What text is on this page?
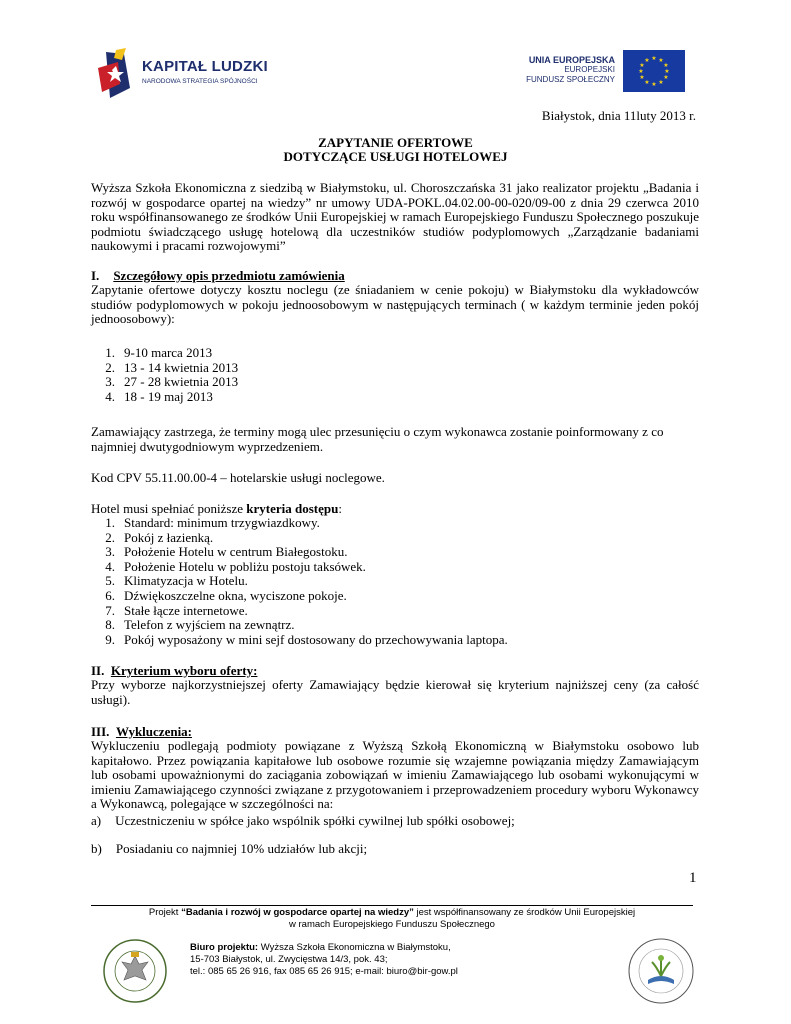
KAPITAŁ LUDZKI
NARODOWA STRATEGIA SPÓJNOŚCI
UNIA EUROPEJSKA
EUROPEJSKI
FUNDUSZ SPOŁECZNY
★ ★
★
★
★
★
★
★
★
★
★
★
Białystok, dnia 11luty 2013 r.
ZAPYTANIE OFERTOWE
DOTYCZĄCE USŁUGI HOTELOWEJ
Wyższa Szkoła Ekonomiczna z siedzibą w Białymstoku, ul. Choroszczańska 31 jako realizator projektu „Badania i rozwój w gospodarce opartej na wiedzy” nr umowy UDA-POKL.04.02.00-00-020/09-00 z dnia 29 czerwca 2010 roku współfinansowanego ze środków Unii Europejskiej w ramach Europejskiego Funduszu Społecznego poszukuje podmiotu świadczącego usługę hotelową dla uczestników studiów podyplomowych „Zarządzanie badaniami naukowymi i pracami rozwojowymi”
I. Szczegółowy opis przedmiotu zamówienia
Zapytanie ofertowe dotyczy kosztu noclegu (ze śniadaniem w cenie pokoju) w Białymstoku dla wykładowców studiów podyplomowych w pokoju jednoosobowym w następujących terminach ( w każdym terminie jeden pokój jednoosobowy):
1. 9-10 marca 2013
2. 13 - 14 kwietnia 2013
3. 27 - 28 kwietnia 2013
4. 18 - 19 maj 2013
Zamawiający zastrzega, że terminy mogą ulec przesunięciu o czym wykonawca zostanie poinformowany z co najmniej dwutygodniowym wyprzedzeniem.
Kod CPV 55.11.00.00-4 – hotelarskie usługi noclegowe.
Hotel musi spełniać poniższe kryteria dostępu:
1. Standard: minimum trzygwiazdkowy.
2. Pokój z łazienką.
3. Położenie Hotelu w centrum Białegostoku.
4. Położenie Hotelu w pobliżu postoju taksówek.
5. Klimatyzacja w Hotelu.
6. Dźwiękoszczelne okna, wyciszone pokoje.
7. Stałe łącze internetowe.
8. Telefon z wyjściem na zewnątrz.
9. Pokój wyposażony w mini sejf dostosowany do przechowywania laptopa.
II. Kryterium wyboru oferty:
Przy wyborze najkorzystniejszej oferty Zamawiający będzie kierował się kryterium najniższej ceny (za całość usługi).
III. Wykluczenia:
Wykluczeniu podlegają podmioty powiązane z Wyższą Szkołą Ekonomiczną w Białymstoku osobowo lub kapitałowo. Przez powiązania kapitałowe lub osobowe rozumie się wzajemne powiązania między Zamawiającym lub osobami upoważnionymi do zaciągania zobowiązań w imieniu Zamawiającego lub osobami wykonującymi w imieniu Zamawiającego czynności związane z przygotowaniem i przeprowadzeniem procedury wyboru Wykonawcy a Wykonawcą, polegające w szczególności na:
a) Uczestniczeniu w spółce jako wspólnik spółki cywilnej lub spółki osobowej;
b) Posiadaniu co najmniej 10% udziałów lub akcji;
1
Projekt “Badania i rozwój w gospodarce opartej na wiedzy” jest współfinansowany ze środków Unii Europejskiej
w ramach Europejskiego Funduszu Społecznego
Biuro projektu: Wyższa Szkoła Ekonomiczna w Białymstoku,
15-703 Białystok, ul. Zwycięstwa 14/3, pok. 43;
tel.: 085 65 26 916, fax 085 65 26 915; e-mail: biuro@bir-gow.pl
